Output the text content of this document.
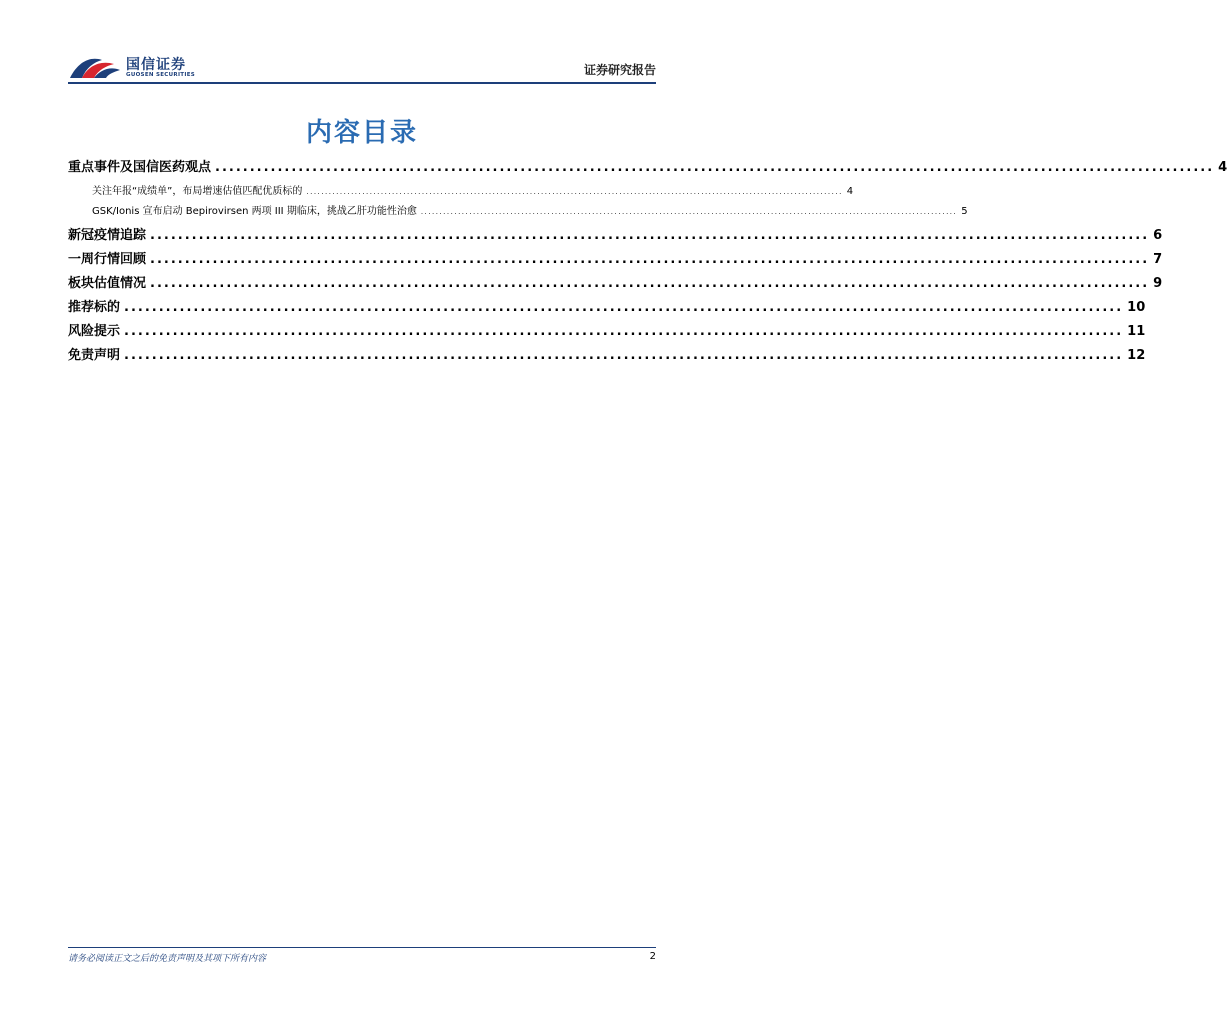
国信证券
GUOSEN SECURITIES	证券研究报告
内容目录
重点事件及国信医药观点 ................................................................................................................................................ 4
关注年报“成绩单”，布局增速估值匹配优质标的 ................................................................................................................................................ 4
GSK/Ionis 宣布启动 Bepirovirsen 两项 III 期临床，挑战乙肝功能性治愈 ................................................................................................................................................ 5
新冠疫情追踪 ................................................................................................................................................ 6
一周行情回顾 ................................................................................................................................................ 7
板块估值情况 ................................................................................................................................................ 9
推荐标的 ................................................................................................................................................ 10
风险提示 ................................................................................................................................................ 11
免责声明 ................................................................................................................................................ 12
请务必阅读正文之后的免责声明及其项下所有内容	2
